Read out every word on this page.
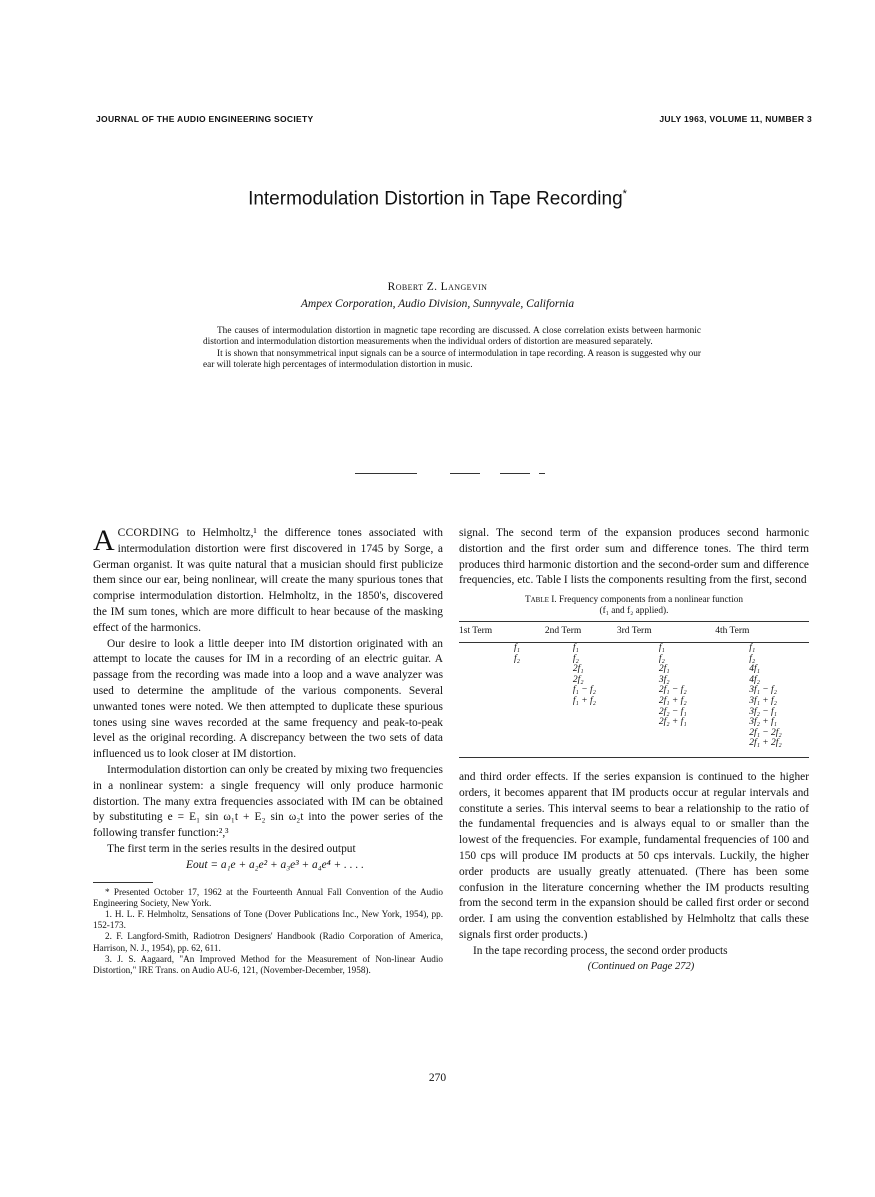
JOURNAL OF THE AUDIO ENGINEERING SOCIETY	JULY 1963, VOLUME 11, NUMBER 3
Intermodulation Distortion in Tape Recording*
Robert Z. Langevin
Ampex Corporation, Audio Division, Sunnyvale, California

The causes of intermodulation distortion in magnetic tape recording are discussed. A close correlation exists between harmonic distortion and intermodulation distortion measurements when the individual orders of distortion are measured separately.

It is shown that nonsymmetrical input signals can be a source of intermodulation in tape recording. A reason is suggested why our ear will tolerate high percentages of intermodulation distortion in music.

ACCORDING to Helmholtz,¹ the difference tones associated with intermodulation distortion were first discovered in 1745 by Sorge, a German organist. It was quite natural that a musician should first publicize them since our ear, being nonlinear, will create the many spurious tones that comprise intermodulation distortion. Helmholtz, in the 1850's, discovered the IM sum tones, which are more difficult to hear because of the masking effect of the harmonics.

Our desire to look a little deeper into IM distortion originated with an attempt to locate the causes for IM in a recording of an electric guitar. A passage from the recording was made into a loop and a wave analyzer was used to determine the amplitude of the various components. Several unwanted tones were noted. We then attempted to duplicate these spurious tones using sine waves recorded at the same frequency and peak-to-peak level as the original recording. A discrepancy between the two sets of data influenced us to look closer at IM distortion.

Intermodulation distortion can only be created by mixing two frequencies in a nonlinear system: a single frequency will only produce harmonic distortion. The many extra frequencies associated with IM can be obtained by substituting e = E₁ sin ω₁t + E₂ sin ω₂t into the power series of the following transfer function:²,³

The first term in the series results in the desired output

Eout = a₁e + a₂e² + a₃e³ + a₄e⁴ + . . . .

* Presented October 17, 1962 at the Fourteenth Annual Fall Convention of the Audio Engineering Society, New York.

1. H. L. F. Helmholtz, Sensations of Tone (Dover Publications Inc., New York, 1954), pp. 152-173.

2. F. Langford-Smith, Radiotron Designers' Handbook (Radio Corporation of America, Harrison, N. J., 1954), pp. 62, 611.

3. J. S. Aagaard, "An Improved Method for the Measurement of Non-linear Audio Distortion," IRE Trans. on Audio AU-6, 121, (November-December, 1958).

signal. The second term of the expansion produces second harmonic distortion and the first order sum and difference tones. The third term produces third harmonic distortion and the second-order sum and difference frequencies, etc. Table I lists the components resulting from the first, second

Table I. Frequency components from a nonlinear function
(f₁ and f₂ applied).
1st Term	2nd Term	3rd Term	4th Term
f₁	f₁	f₁	f₁
f₂	f₂	f₂	f₂
	2f₁	2f₁	4f₁
	2f₂	3f₂	4f₂
	f₁ − f₂	2f₁ − f₂	3f₁ − f₂
	f₁ + f₂	2f₁ + f₂	3f₁ + f₂
		2f₂ − f₁	3f₂ − f₁
		2f₂ + f₁	3f₂ + f₁
			2f₁ − 2f₂
			2f₁ + 2f₂

and third order effects. If the series expansion is continued to the higher orders, it becomes apparent that IM products occur at regular intervals and constitute a series. This interval seems to bear a relationship to the ratio of the fundamental frequencies and is always equal to or smaller than the lowest of the frequencies. For example, fundamental frequencies of 100 and 150 cps will produce IM products at 50 cps intervals. Luckily, the higher order products are usually greatly attenuated. (There has been some confusion in the literature concerning whether the IM products resulting from the second term in the expansion should be called first order or second order. I am using the convention established by Helmholtz that calls these signals first order products.)

In the tape recording process, the second order products

(Continued on Page 272)

270
